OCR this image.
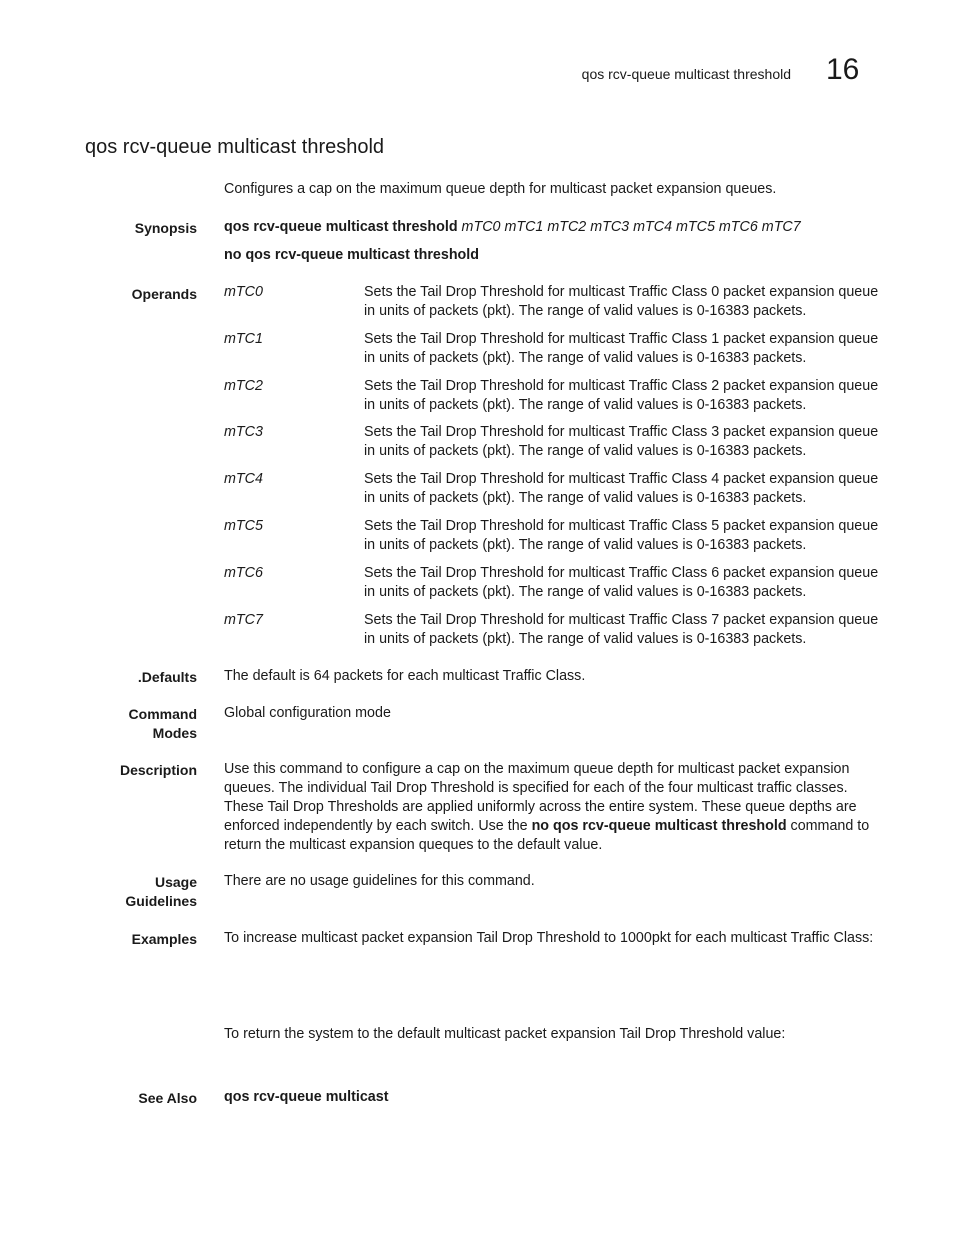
qos rcv-queue multicast threshold 16
qos rcv-queue multicast threshold
Configures a cap on the maximum queue depth for multicast packet expansion queues.
Synopsis qos rcv-queue multicast threshold mTC0 mTC1 mTC2 mTC3 mTC4 mTC5 mTC6 mTC7
no qos rcv-queue multicast threshold
Operands mTC0	Sets the Tail Drop Threshold for multicast Traffic Class 0 packet expansion queue in units of packets (pkt). The range of valid values is 0-16383 packets.
mTC1	Sets the Tail Drop Threshold for multicast Traffic Class 1 packet expansion queue in units of packets (pkt). The range of valid values is 0-16383 packets.
mTC2	Sets the Tail Drop Threshold for multicast Traffic Class 2 packet expansion queue in units of packets (pkt). The range of valid values is 0-16383 packets.
mTC3	Sets the Tail Drop Threshold for multicast Traffic Class 3 packet expansion queue in units of packets (pkt). The range of valid values is 0-16383 packets.
mTC4	Sets the Tail Drop Threshold for multicast Traffic Class 4 packet expansion queue in units of packets (pkt). The range of valid values is 0-16383 packets.
mTC5	Sets the Tail Drop Threshold for multicast Traffic Class 5 packet expansion queue in units of packets (pkt). The range of valid values is 0-16383 packets.
mTC6	Sets the Tail Drop Threshold for multicast Traffic Class 6 packet expansion queue in units of packets (pkt). The range of valid values is 0-16383 packets.
mTC7	Sets the Tail Drop Threshold for multicast Traffic Class 7 packet expansion queue in units of packets (pkt). The range of valid values is 0-16383 packets.
.Defaults The default is 64 packets for each multicast Traffic Class.
Command
Modes
Global configuration mode
Description Use this command to configure a cap on the maximum queue depth for multicast packet expansion queues. The individual Tail Drop Threshold is specified for each of the four multicast traffic classes. These Tail Drop Thresholds are applied uniformly across the entire system. These queue depths are enforced independently by each switch. Use the no qos rcv-queue multicast threshold command to return the multicast expansion queques to the default value.
Usage
Guidelines
There are no usage guidelines for this command.
Examples To increase multicast packet expansion Tail Drop Threshold to 1000pkt for each multicast Traffic Class:
To return the system to the default multicast packet expansion Tail Drop Threshold value:
See Also qos rcv-queue multicast
